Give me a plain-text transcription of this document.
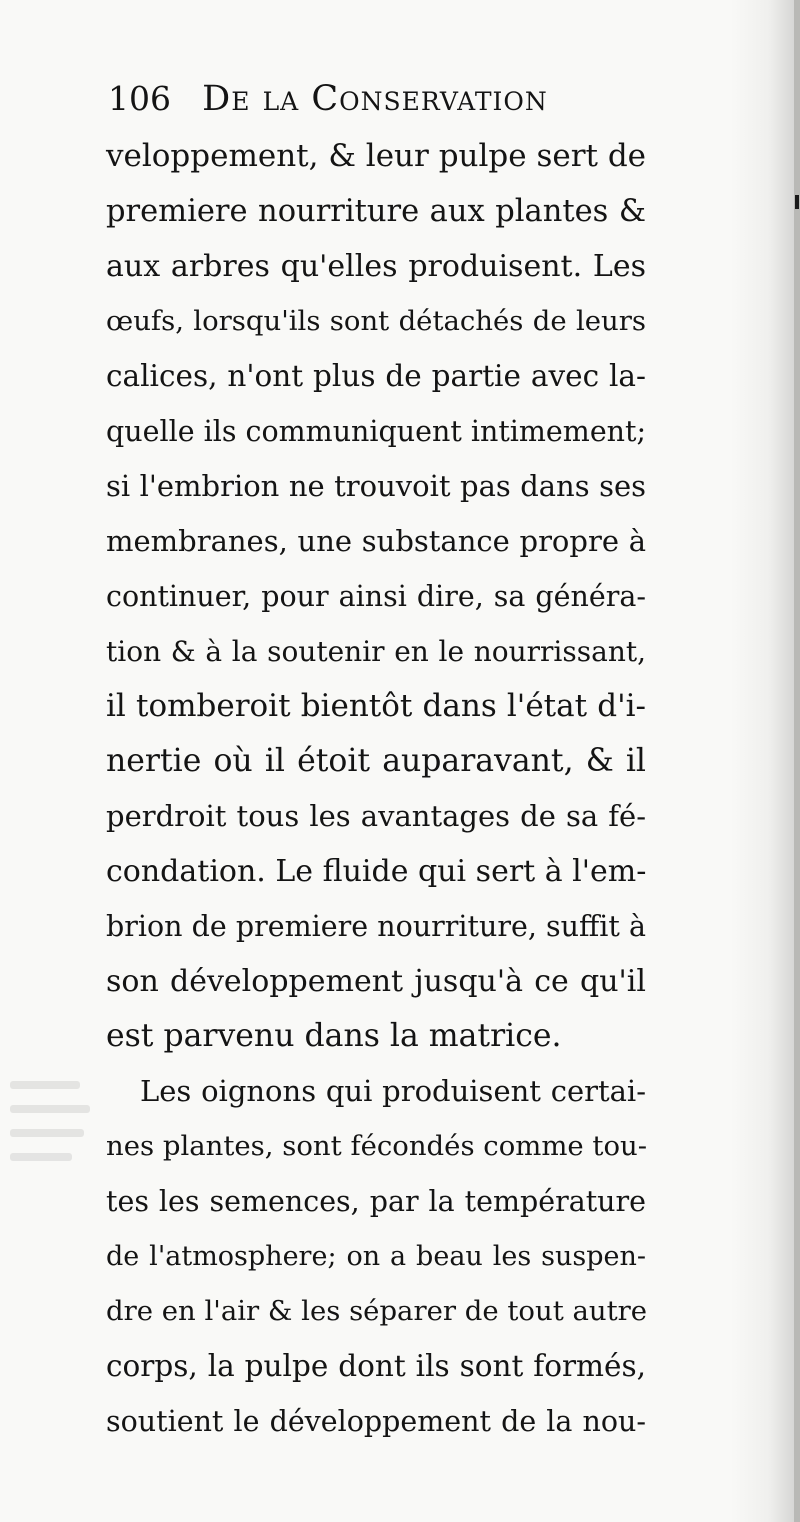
106 De la Conservation
veloppement, & leur pulpe sert de
premiere nourriture aux plantes &
aux arbres qu'elles produisent. Les
œufs, lorsqu'ils sont détachés de leurs
calices, n'ont plus de partie avec la-
quelle ils communiquent intimement;
si l'embrion ne trouvoit pas dans ses
membranes, une substance propre à
continuer, pour ainsi dire, sa généra-
tion & à la soutenir en le nourrissant,
il tomberoit bientôt dans l'état d'i-
nertie où il étoit auparavant, & il
perdroit tous les avantages de sa fé-
condation. Le fluide qui sert à l'em-
brion de premiere nourriture, suffit à
son développement jusqu'à ce qu'il
est parvenu dans la matrice.
Les oignons qui produisent certai-
nes plantes, sont fécondés comme tou-
tes les semences, par la température
de l'atmosphere; on a beau les suspen-
dre en l'air & les séparer de tout autre
corps, la pulpe dont ils sont formés,
soutient le développement de la nou-
